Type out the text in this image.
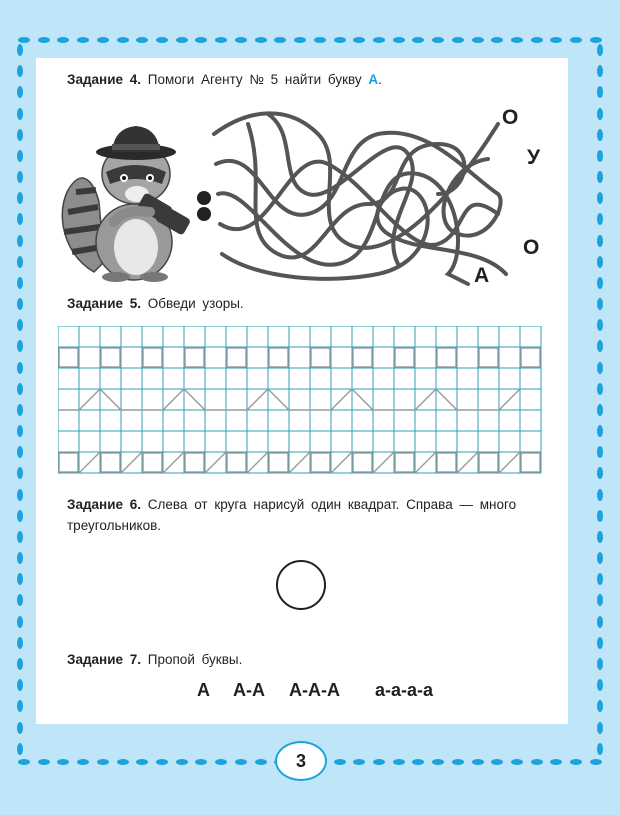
Задание 4. Помоги Агенту № 5 найти букву А.
О
У
О
А
Задание 5. Обведи узоры.
Задание 6. Слева от круга нарисуй один квадрат. Справа — много треугольников.
Задание 7. Пропой буквы.
А	А-А	А-А-А	а-а-а-а
3
